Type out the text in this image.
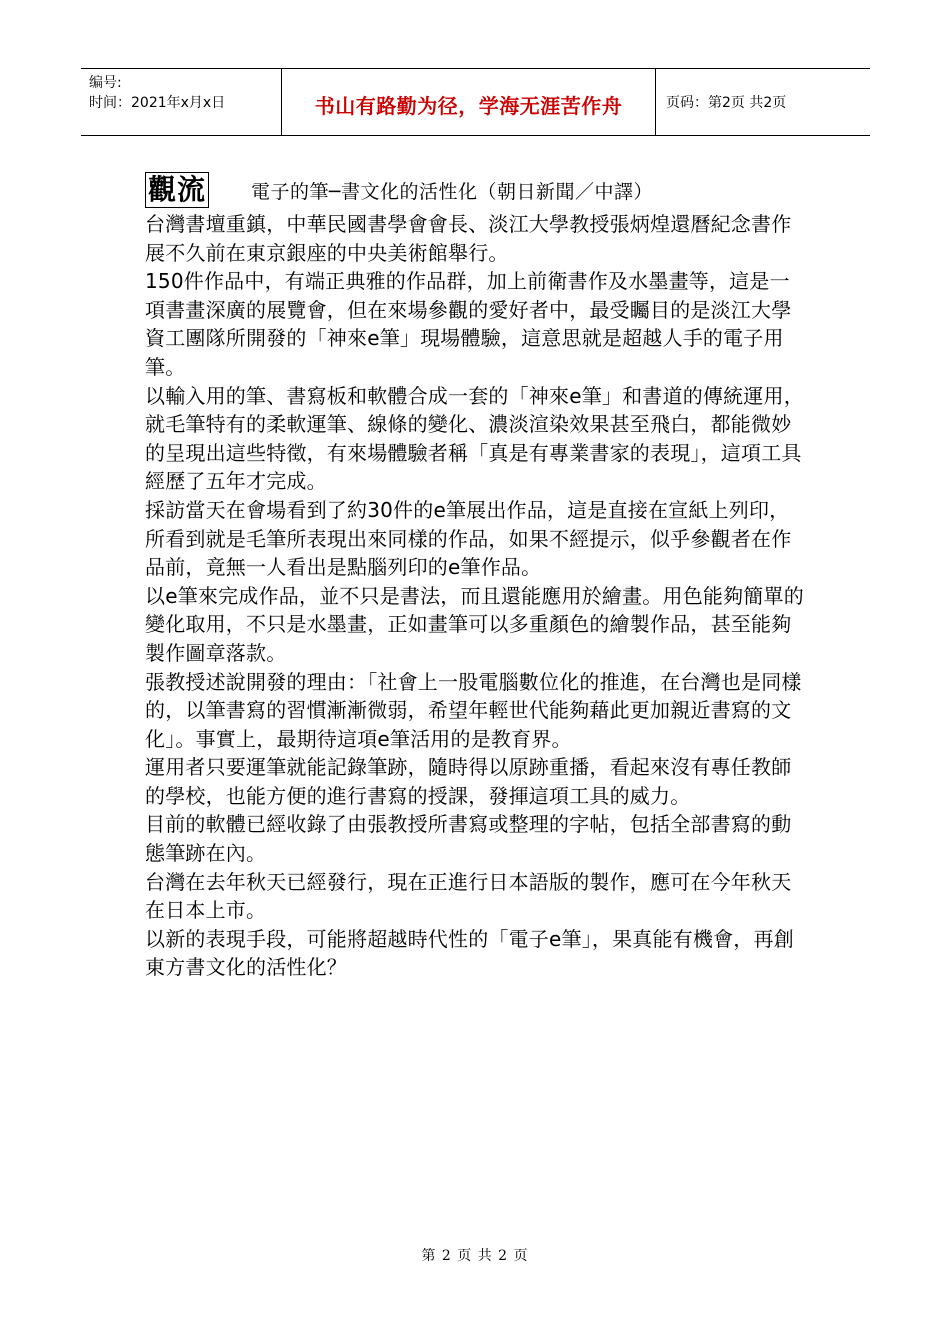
编号:
时间：2021年x月x日	书山有路勤为径，学海无涯苦作舟	页码：第2页 共2页
觀流 電子的筆─書文化的活性化（朝日新聞／中譯）

台灣書壇重鎮，中華民國書學會會長、淡江大學教授張炳煌還曆紀念書作展不久前在東京銀座的中央美術館舉行。

150件作品中，有端正典雅的作品群，加上前衛書作及水墨畫等，這是一項書畫深廣的展覽會，但在來場參觀的愛好者中，最受矚目的是淡江大學資工團隊所開發的「神來e筆」現場體驗，這意思就是超越人手的電子用筆。

以輸入用的筆、書寫板和軟體合成一套的「神來e筆」和書道的傳統運用，就毛筆特有的柔軟運筆、線條的變化、濃淡渲染效果甚至飛白，都能微妙的呈現出這些特徵，有來場體驗者稱「真是有專業書家的表現」，這項工具經歷了五年才完成。

採訪當天在會場看到了約30件的e筆展出作品，這是直接在宣紙上列印，所看到就是毛筆所表現出來同樣的作品，如果不經提示，似乎參觀者在作品前，竟無一人看出是點腦列印的e筆作品。

以e筆來完成作品，並不只是書法，而且還能應用於繪畫。用色能夠簡單的變化取用，不只是水墨畫，正如畫筆可以多重顏色的繪製作品，甚至能夠製作圖章落款。

張教授述說開發的理由：「社會上一股電腦數位化的推進，在台灣也是同樣的，以筆書寫的習慣漸漸微弱，希望年輕世代能夠藉此更加親近書寫的文化」。事實上，最期待這項e筆活用的是教育界。

運用者只要運筆就能記錄筆跡，隨時得以原跡重播，看起來沒有專任教師的學校，也能方便的進行書寫的授課，發揮這項工具的威力。

目前的軟體已經收錄了由張教授所書寫或整理的字帖，包括全部書寫的動態筆跡在內。

台灣在去年秋天已經發行，現在正進行日本語版的製作，應可在今年秋天在日本上市。

以新的表現手段，可能將超越時代性的「電子e筆」，果真能有機會，再創東方書文化的活性化？

第 2 页 共 2 页
